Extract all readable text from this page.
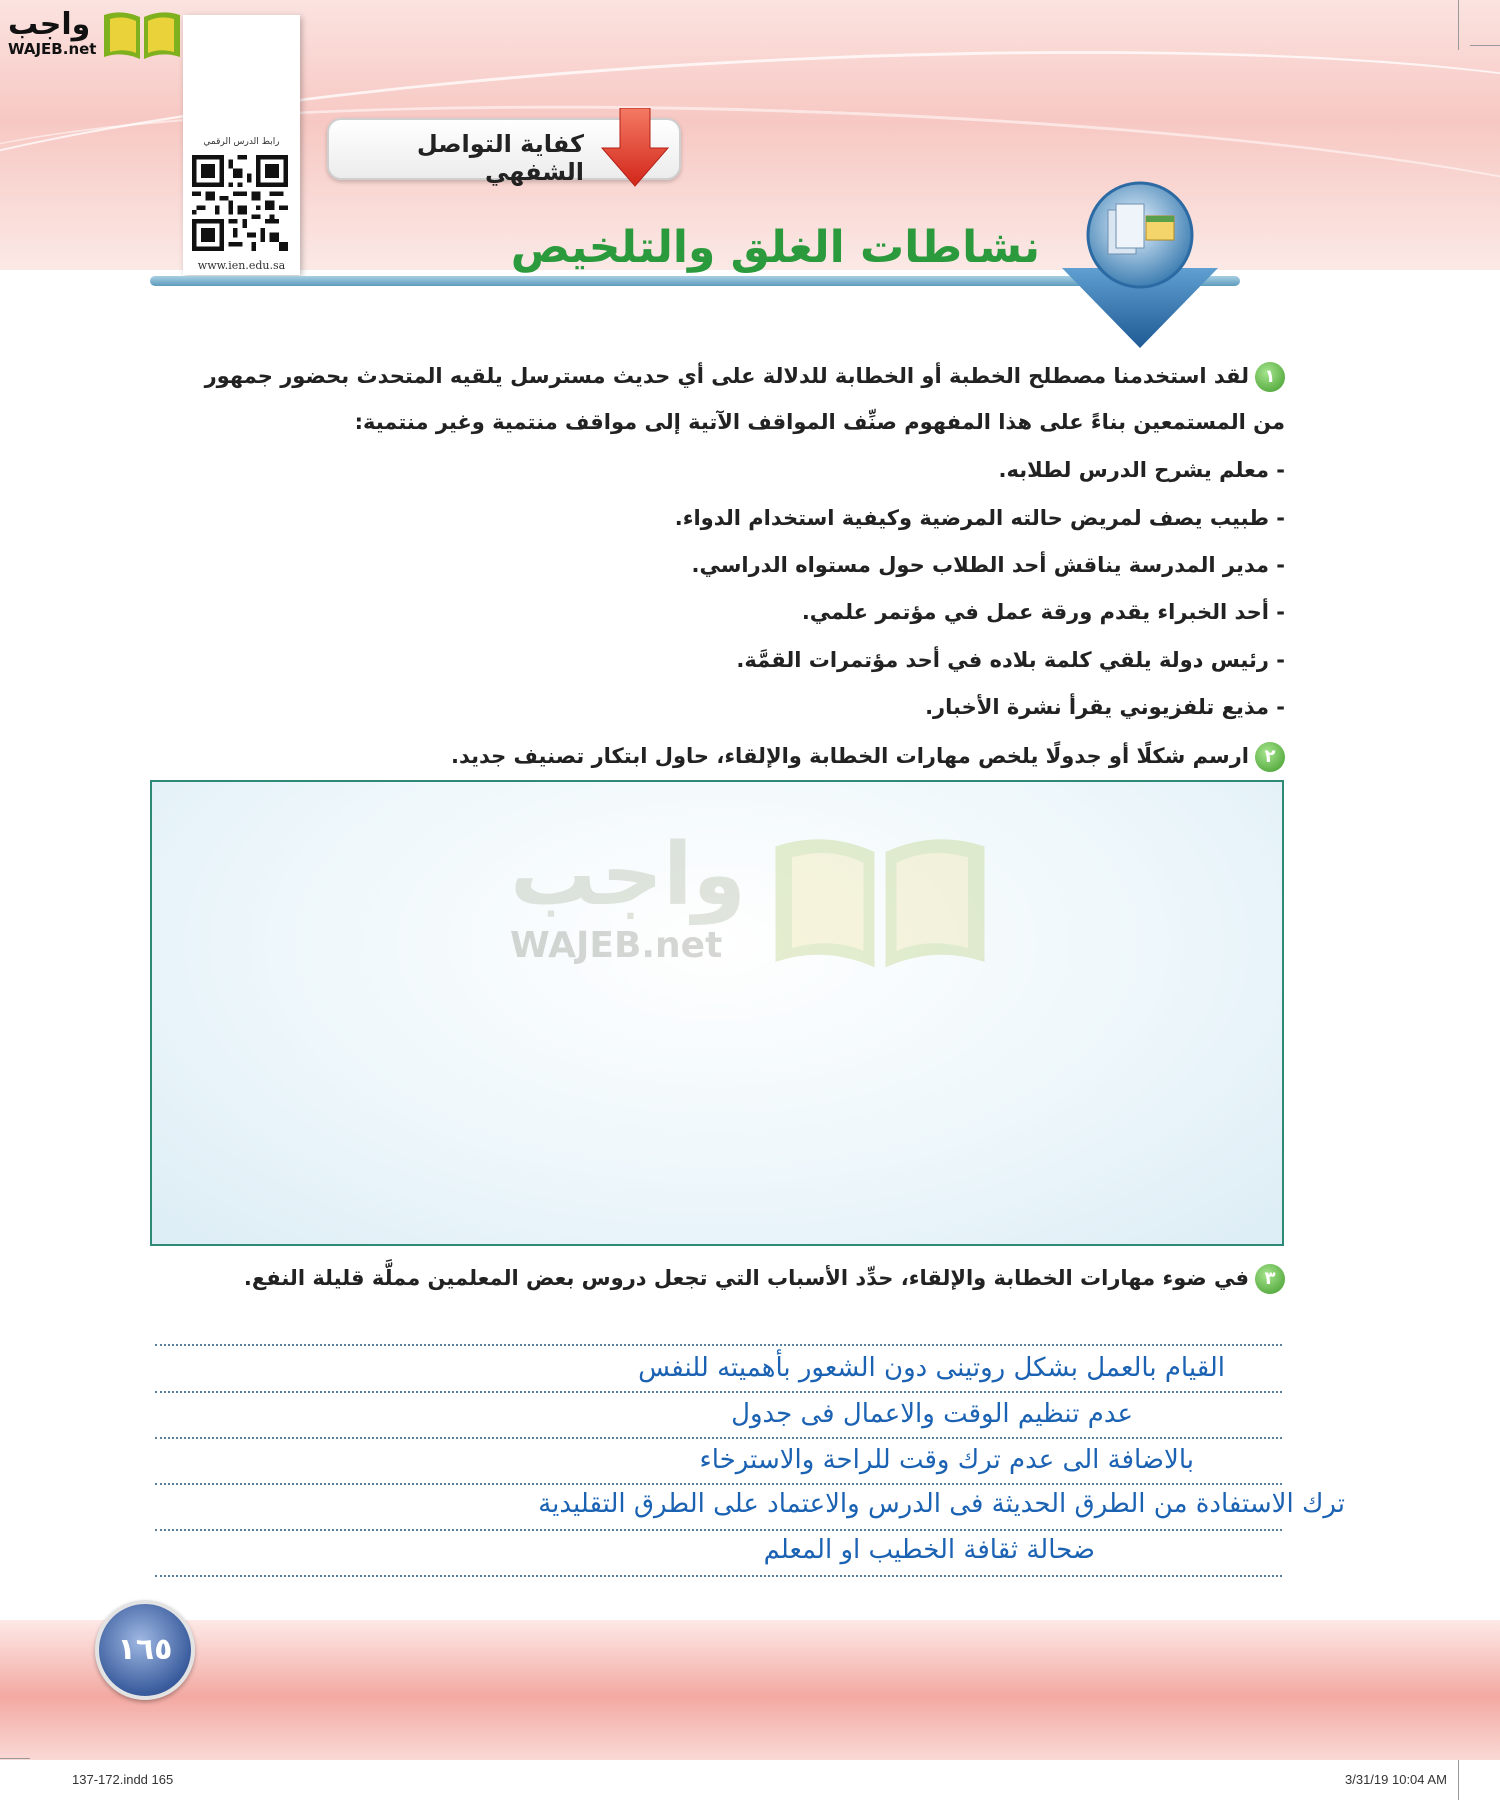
واجب
WAJEB.net
رابط الدرس الرقمي
www.ien.edu.sa
كفاية التواصل الشفهي
نشاطات الغلق والتلخيص
١لقد استخدمنا مصطلح الخطبة أو الخطابة للدلالة على أي حديث مسترسل يلقيه المتحدث بحضور جمهور
من المستمعين بناءً على هذا المفهوم صنِّف المواقف الآتية إلى مواقف منتمية وغير منتمية:
- معلم يشرح الدرس لطلابه.
- طبيب يصف لمريض حالته المرضية وكيفية استخدام الدواء.
- مدير المدرسة يناقش أحد الطلاب حول مستواه الدراسي.
- أحد الخبراء يقدم ورقة عمل في مؤتمر علمي.
- رئيس دولة يلقي كلمة بلاده في أحد مؤتمرات القمَّة.
- مذيع تلفزيوني يقرأ نشرة الأخبار.
٢ارسم شكلًا أو جدولًا يلخص مهارات الخطابة والإلقاء، حاول ابتكار تصنيف جديد.
واجب
WAJEB.net
٣في ضوء مهارات الخطابة والإلقاء، حدِّد الأسباب التي تجعل دروس بعض المعلمين مملَّة قليلة النفع.
القيام بالعمل بشكل روتينى دون الشعور بأهميته للنفس
عدم تنظيم الوقت والاعمال فى جدول
بالاضافة الى عدم ترك وقت للراحة والاسترخاء
ترك الاستفادة من الطرق الحديثة فى الدرس والاعتماد على الطرق التقليدية
ضحالة ثقافة الخطيب او المعلم
١٦٥
137-172.indd 165	3/31/19 10:04 AM
